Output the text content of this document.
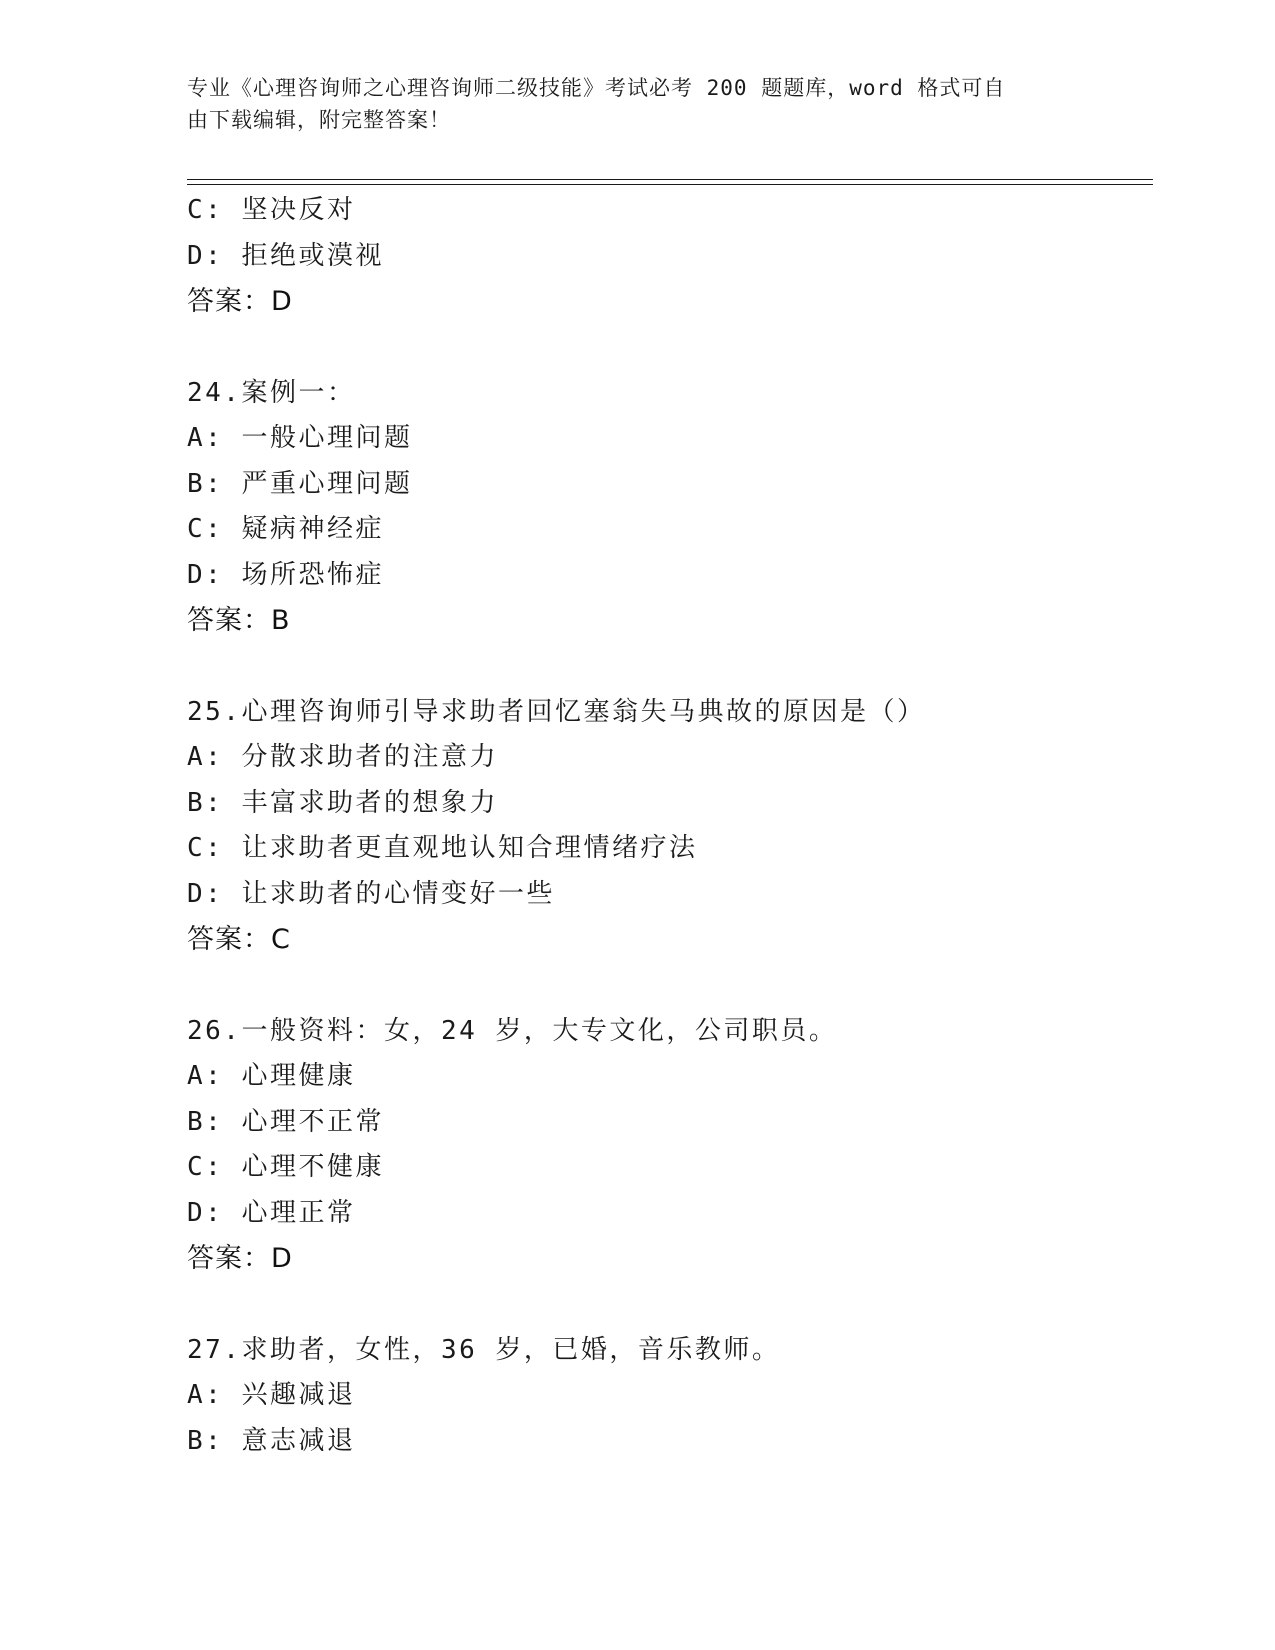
专业《心理咨询师之心理咨询师二级技能》考试必考 200 题题库，word 格式可自
由下载编辑，附完整答案！
C: 坚决反对
D: 拒绝或漠视
答案：D
24.案例一：
A: 一般心理问题
B: 严重心理问题
C: 疑病神经症
D: 场所恐怖症
答案：B
25.心理咨询师引导求助者回忆塞翁失马典故的原因是（）
A: 分散求助者的注意力
B: 丰富求助者的想象力
C: 让求助者更直观地认知合理情绪疗法
D: 让求助者的心情变好一些
答案：C
26.一般资料：女，24 岁，大专文化，公司职员。
A: 心理健康
B: 心理不正常
C: 心理不健康
D: 心理正常
答案：D
27.求助者，女性，36 岁，已婚，音乐教师。
A: 兴趣减退
B: 意志减退
